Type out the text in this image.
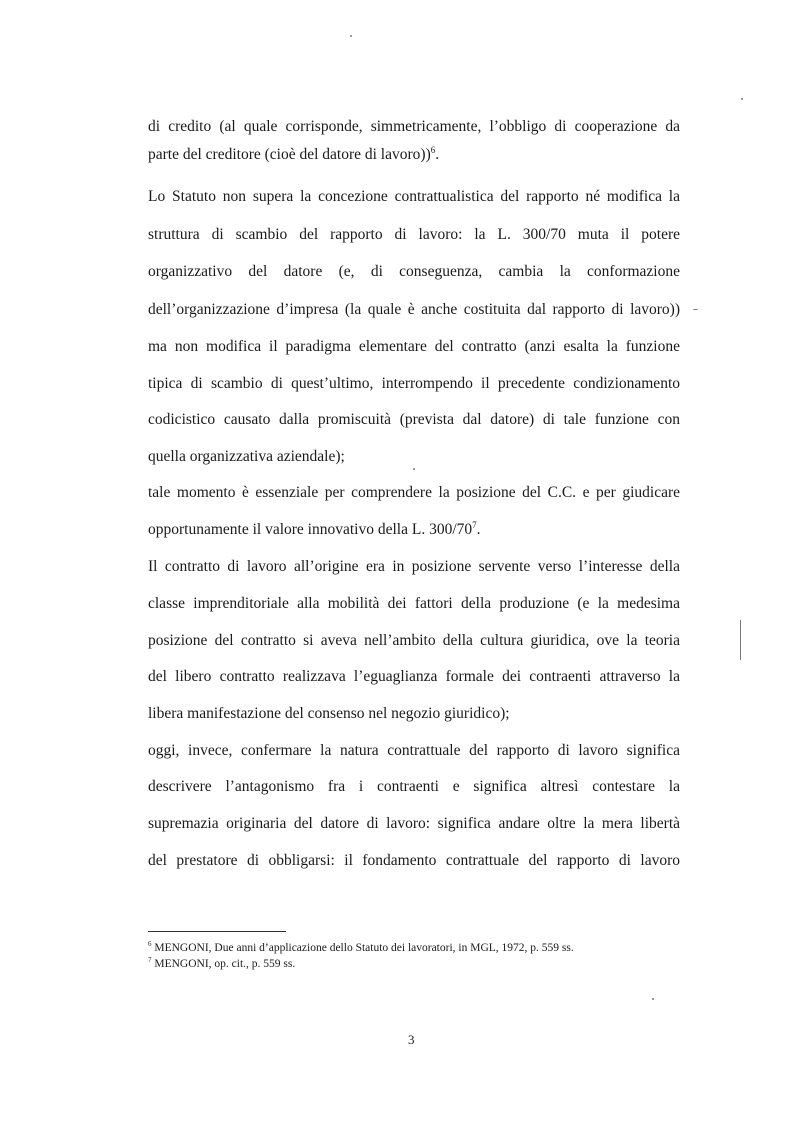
di credito (al quale corrisponde, simmetricamente, l’obbligo di cooperazione da
parte del creditore (cioè del datore di lavoro))$^6$.
Lo Statuto non supera la concezione contrattualistica del rapporto né modifica la
struttura di scambio del rapporto di lavoro: la L. 300/70 muta il potere
organizzativo del datore (e, di conseguenza, cambia la conformazione
dell’organizzazione d’impresa (la quale è anche costituita dal rapporto di lavoro))
ma non modifica il paradigma elementare del contratto (anzi esalta la funzione
tipica di scambio di quest’ultimo, interrompendo il precedente condizionamento
codicistico causato dalla promiscuità (prevista dal datore) di tale funzione con
quella organizzativa aziendale);
tale momento è essenziale per comprendere la posizione del C.C. e per giudicare
opportunamente il valore innovativo della L. $300/70^7$.
Il contratto di lavoro all’origine era in posizione servente verso l’interesse della
classe imprenditoriale alla mobilità dei fattori della produzione (e la medesima
posizione del contratto si aveva nell’ambito della cultura giuridica, ove la teoria
del libero contratto realizzava l’eguaglianza formale dei contraenti attraverso la
libera manifestazione del consenso nel negozio giuridico);
oggi, invece, confermare la natura contrattuale del rapporto di lavoro significa
descrivere l’antagonismo fra i contraenti e significa altresì contestare la
supremazia originaria del datore di lavoro: significa andare oltre la mera libertà
del prestatore di obbligarsi: il fondamento contrattuale del rapporto di lavoro
$^6$ MENGONI, Due anni d’applicazione dello Statuto dei lavoratori, in MGL, 1972, p. 559 ss.
$^7$ MENGONI, op. cit., p. 559 ss.
3
